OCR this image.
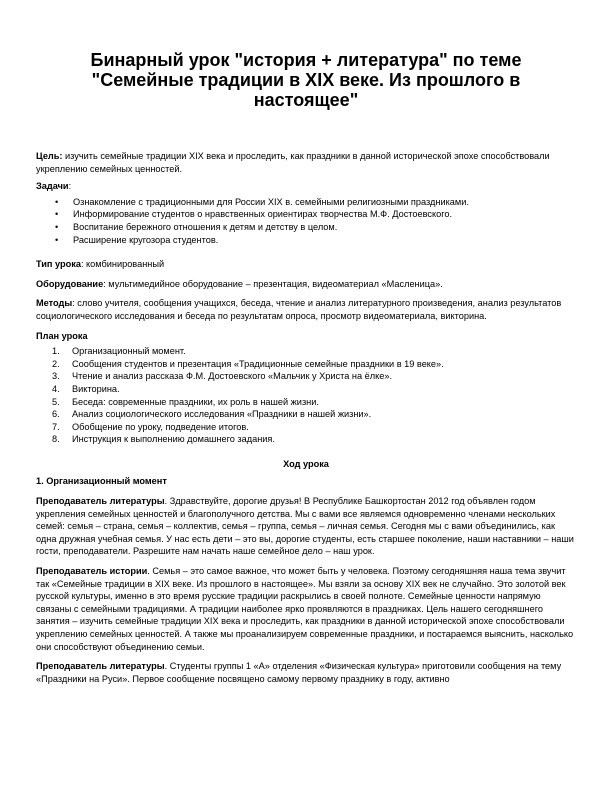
Бинарный урок "история + литература" по теме
"Семейные традиции в XIX веке. Из прошлого в
настоящее"

Цель: изучить семейные традиции XIX века и проследить, как праздники в данной исторической эпохе способствовали укреплению семейных ценностей.

Задачи:

• Ознакомление с традиционными для России XIX в. семейными религиозными праздниками.
• Информирование студентов о нравственных ориентирах творчества М.Ф. Достоевского.
• Воспитание бережного отношения к детям и детству в целом.
• Расширение кругозора студентов.

Тип урока: комбинированный

Оборудование: мультимедийное оборудование – презентация, видеоматериал «Масленица».

Методы: слово учителя, сообщения учащихся, беседа, чтение и анализ литературного произведения, анализ результатов социологического исследования и беседа по результатам опроса, просмотр видеоматериала, викторина.

План урока

1. Организационный момент.
2. Сообщения студентов и презентация «Традиционные семейные праздники в 19 веке».
3. Чтение и анализ рассказа Ф.М. Достоевского «Мальчик у Христа на ёлке».
4. Викторина.
5. Беседа: современные праздники, их роль в нашей жизни.
6. Анализ социологического исследования «Праздники в нашей жизни».
7. Обобщение по уроку, подведение итогов.
8. Инструкция к выполнению домашнего задания.

Ход урока

1. Организационный момент

Преподаватель литературы. Здравствуйте, дорогие друзья! В Республике Башкортостан 2012 год объявлен годом укрепления семейных ценностей и благополучного детства. Мы с вами все являемся одновременно членами нескольких семей: семья – страна, семья – коллектив, семья – группа, семья – личная семья. Сегодня мы с вами объединились, как одна дружная учебная семья. У нас есть дети – это вы, дорогие студенты, есть старшее поколение, наши наставники – наши гости, преподаватели. Разрешите нам начать наше семейное дело – наш урок.

Преподаватель истории. Семья – это самое важное, что может быть у человека. Поэтому сегодняшняя наша тема звучит так «Семейные традиции в XIX веке. Из прошлого в настоящее». Мы взяли за основу XIX век не случайно. Это золотой век русской культуры, именно в это время русские традиции раскрылись в своей полноте. Семейные ценности напрямую связаны с семейными традициями. А традиции наиболее ярко проявляются в праздниках. Цель нашего сегодняшнего занятия – изучить семейные традиции XIX века и проследить, как праздники в данной исторической эпохе способствовали укреплению семейных ценностей. А также мы проанализируем современные праздники, и постараемся выяснить, насколько они способствуют объединению семьи.

Преподаватель литературы. Студенты группы 1 «А» отделения «Физическая культура» приготовили сообщения на тему «Праздники на Руси». Первое сообщение посвящено самому первому празднику в году, активно
